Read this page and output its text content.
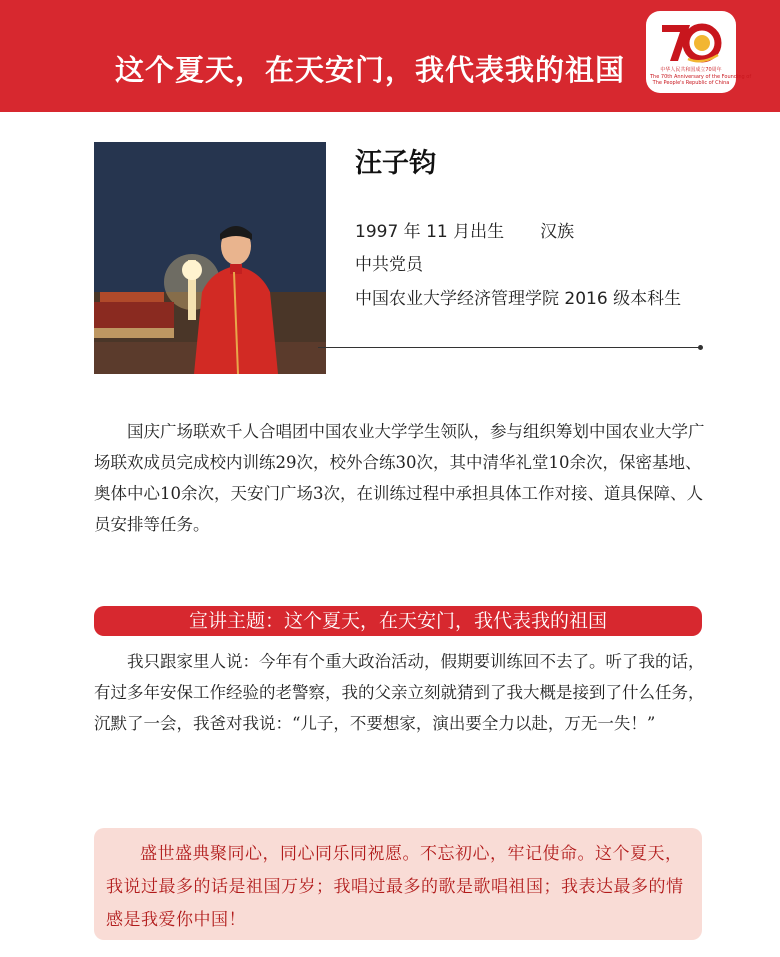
这个夏天，在天安门，我代表我的祖国	中华人民共和国成立70周年
The 70th Anniversary of the Founding of
The People's Republic of China
汪子钧
1997 年 11 月出生 汉族
中共党员
中国农业大学经济管理学院 2016 级本科生

国庆广场联欢千人合唱团中国农业大学学生领队，参与组织筹划中国农业大学广场联欢成员完成校内训练29次，校外合练30次，其中清华礼堂10余次，保密基地、奥体中心10余次，天安门广场3次，在训练过程中承担具体工作对接、道具保障、人员安排等任务。

宣讲主题：这个夏天，在天安门，我代表我的祖国

我只跟家里人说：今年有个重大政治活动，假期要训练回不去了。听了我的话，有过多年安保工作经验的老警察，我的父亲立刻就猜到了我大概是接到了什么任务，沉默了一会，我爸对我说：“儿子，不要想家，演出要全力以赴，万无一失！”

盛世盛典聚同心，同心同乐同祝愿。不忘初心，牢记使命。这个夏天，我说过最多的话是祖国万岁；我唱过最多的歌是歌唱祖国；我表达最多的情感是我爱你中国！
